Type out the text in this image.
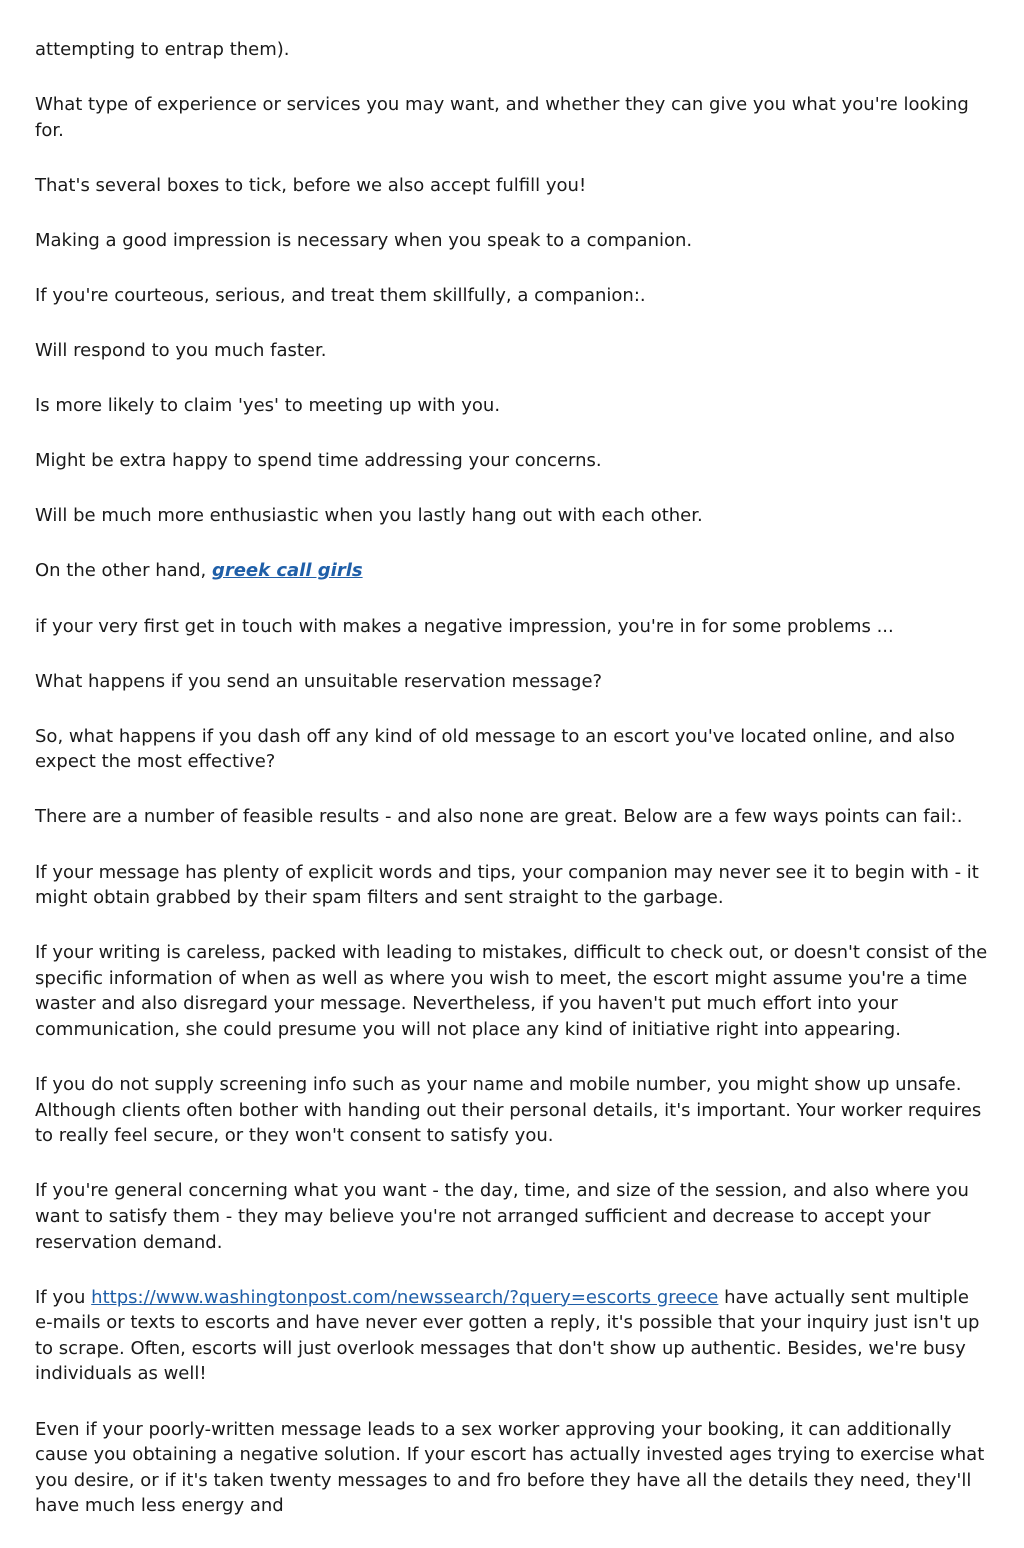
attempting to entrap them).

What type of experience or services you may want, and whether they can give you what you're looking for.

That's several boxes to tick, before we also accept fulfill you!

Making a good impression is necessary when you speak to a companion.

If you're courteous, serious, and treat them skillfully, a companion:.

Will respond to you much faster.

Is more likely to claim 'yes' to meeting up with you.

Might be extra happy to spend time addressing your concerns.

Will be much more enthusiastic when you lastly hang out with each other.

On the other hand, greek call girls

if your very first get in touch with makes a negative impression, you're in for some problems ...

What happens if you send an unsuitable reservation message?

So, what happens if you dash off any kind of old message to an escort you've located online, and also expect the most effective?

There are a number of feasible results - and also none are great. Below are a few ways points can fail:.

If your message has plenty of explicit words and tips, your companion may never see it to begin with - it might obtain grabbed by their spam filters and sent straight to the garbage.

If your writing is careless, packed with leading to mistakes, difficult to check out, or doesn't consist of the specific information of when as well as where you wish to meet, the escort might assume you're a time waster and also disregard your message. Nevertheless, if you haven't put much effort into your communication, she could presume you will not place any kind of initiative right into appearing.

If you do not supply screening info such as your name and mobile number, you might show up unsafe. Although clients often bother with handing out their personal details, it's important. Your worker requires to really feel secure, or they won't consent to satisfy you.

If you're general concerning what you want - the day, time, and size of the session, and also where you want to satisfy them - they may believe you're not arranged sufficient and decrease to accept your reservation demand.

If you https://www.washingtonpost.com/newssearch/?query=escorts greece have actually sent multiple e-mails or texts to escorts and have never ever gotten a reply, it's possible that your inquiry just isn't up to scrape. Often, escorts will just overlook messages that don't show up authentic. Besides, we're busy individuals as well!

Even if your poorly-written message leads to a sex worker approving your booking, it can additionally cause you obtaining a negative solution. If your escort has actually invested ages trying to exercise what you desire, or if it's taken twenty messages to and fro before they have all the details they need, they'll have much less energy and
